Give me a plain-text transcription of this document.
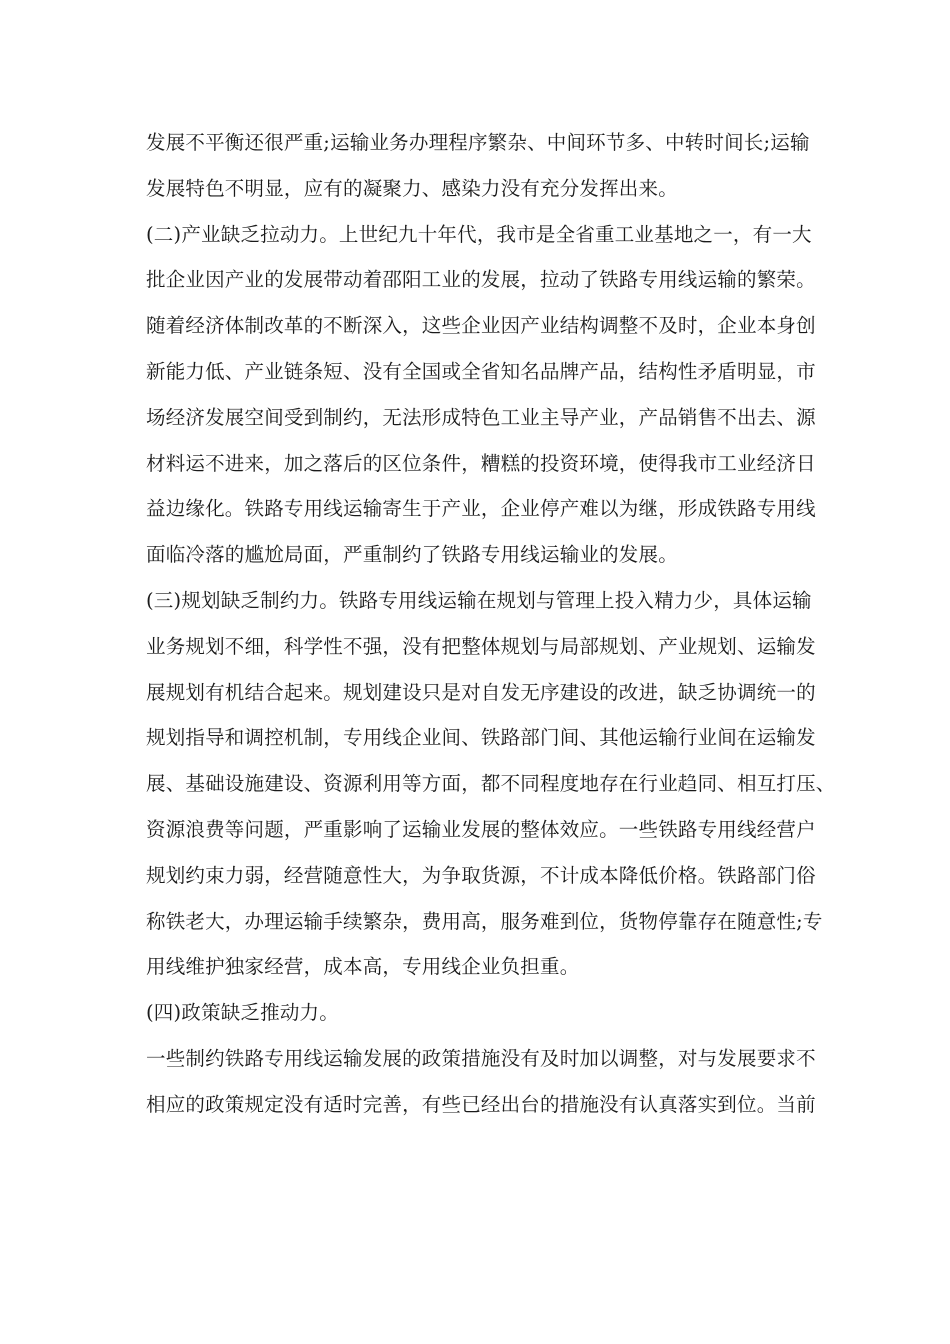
发展不平衡还很严重;运输业务办理程序繁杂、中间环节多、中转时间长;运输
发展特色不明显，应有的凝聚力、感染力没有充分发挥出来。
(二)产业缺乏拉动力。上世纪九十年代，我市是全省重工业基地之一，有一大
批企业因产业的发展带动着邵阳工业的发展，拉动了铁路专用线运输的繁荣。
随着经济体制改革的不断深入，这些企业因产业结构调整不及时，企业本身创
新能力低、产业链条短、没有全国或全省知名品牌产品，结构性矛盾明显，市
场经济发展空间受到制约，无法形成特色工业主导产业，产品销售不出去、源
材料运不进来，加之落后的区位条件，糟糕的投资环境，使得我市工业经济日
益边缘化。铁路专用线运输寄生于产业，企业停产难以为继，形成铁路专用线
面临冷落的尴尬局面，严重制约了铁路专用线运输业的发展。
(三)规划缺乏制约力。铁路专用线运输在规划与管理上投入精力少，具体运输
业务规划不细，科学性不强，没有把整体规划与局部规划、产业规划、运输发
展规划有机结合起来。规划建设只是对自发无序建设的改进，缺乏协调统一的
规划指导和调控机制，专用线企业间、铁路部门间、其他运输行业间在运输发
展、基础设施建设、资源利用等方面，都不同程度地存在行业趋同、相互打压、
资源浪费等问题，严重影响了运输业发展的整体效应。一些铁路专用线经营户
规划约束力弱，经营随意性大，为争取货源，不计成本降低价格。铁路部门俗
称铁老大，办理运输手续繁杂，费用高，服务难到位，货物停靠存在随意性;专
用线维护独家经营，成本高，专用线企业负担重。
(四)政策缺乏推动力。
一些制约铁路专用线运输发展的政策措施没有及时加以调整，对与发展要求不
相应的政策规定没有适时完善，有些已经出台的措施没有认真落实到位。当前
